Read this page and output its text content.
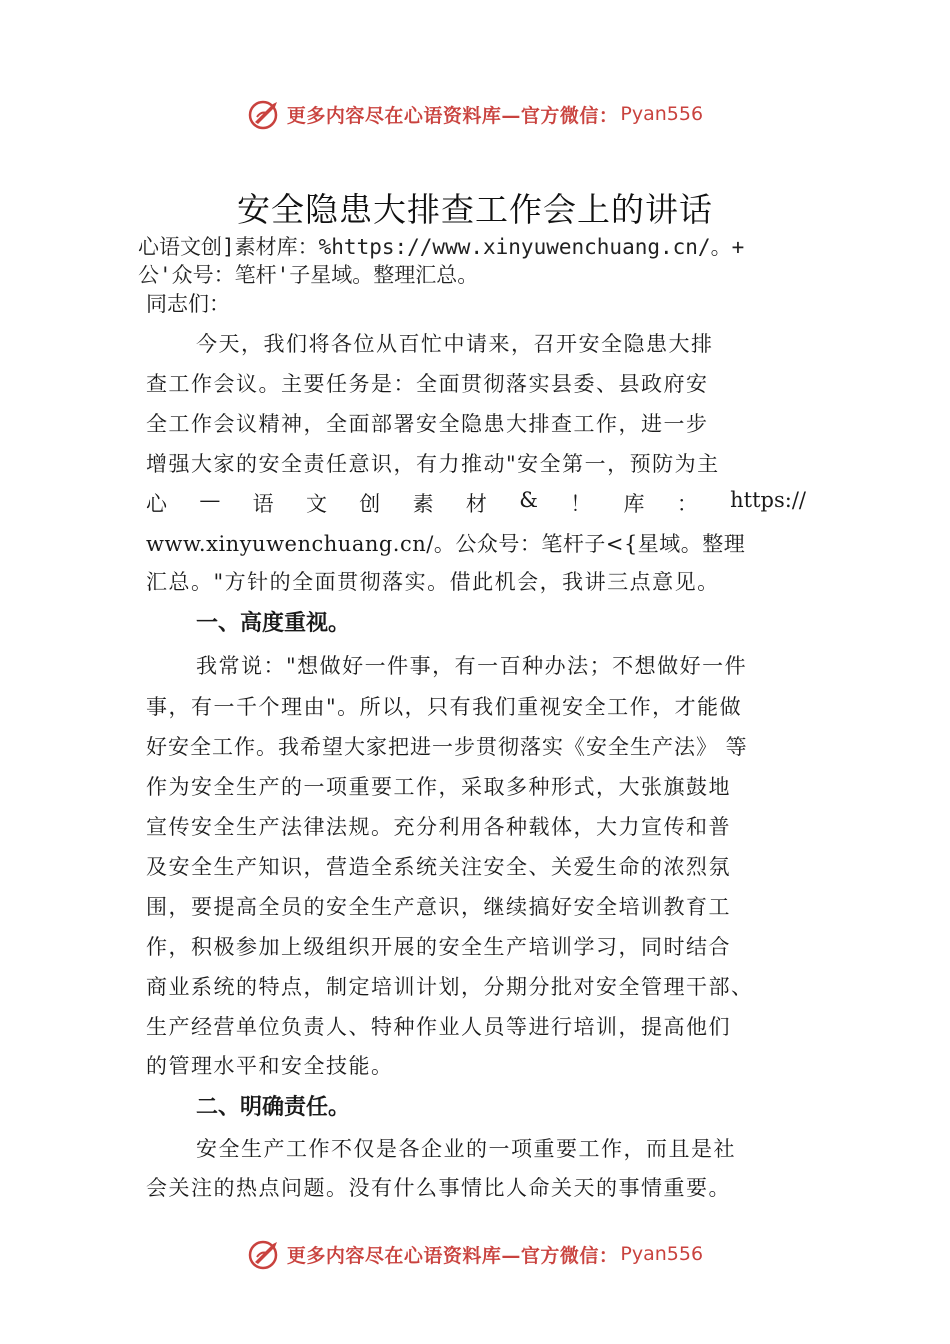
更多内容尽在心语资料库—官方微信： Pyan556
安全隐患大排查工作会上的讲话
心语文创]素材库：%https://www.xinyuwenchuang.cn/。+
公'众号：笔杆'子星域。整理汇总。
同志们：
今天，我们将各位从百忙中请来，召开安全隐患大排
查工作会议。主要任务是：全面贯彻落实县委、县政府安
全工作会议精神，全面部署安全隐患大排查工作，进一步
增强大家的安全责任意识，有力推动"安全第一，预防为主
心 — 语 文 创 素 材 & ！ 库 ： https://
www.xinyuwenchuang.cn/。公众号：笔杆子<{星域。整理
汇总。"方针的全面贯彻落实。借此机会，我讲三点意见。
一、高度重视。
我常说："想做好一件事，有一百种办法；不想做好一件
事，有一千个理由"。所以，只有我们重视安全工作，才能做
好安全工作。我希望大家把进一步贯彻落实《安全生产法》 等
作为安全生产的一项重要工作，采取多种形式，大张旗鼓地
宣传安全生产法律法规。充分利用各种载体，大力宣传和普
及安全生产知识，营造全系统关注安全、关爱生命的浓烈氛
围，要提高全员的安全生产意识，继续搞好安全培训教育工
作，积极参加上级组织开展的安全生产培训学习，同时结合
商业系统的特点，制定培训计划，分期分批对安全管理干部、
生产经营单位负责人、特种作业人员等进行培训，提高他们
的管理水平和安全技能。
二、明确责任。
安全生产工作不仅是各企业的一项重要工作，而且是社
会关注的热点问题。没有什么事情比人命关天的事情重要。
更多内容尽在心语资料库—官方微信： Pyan556
